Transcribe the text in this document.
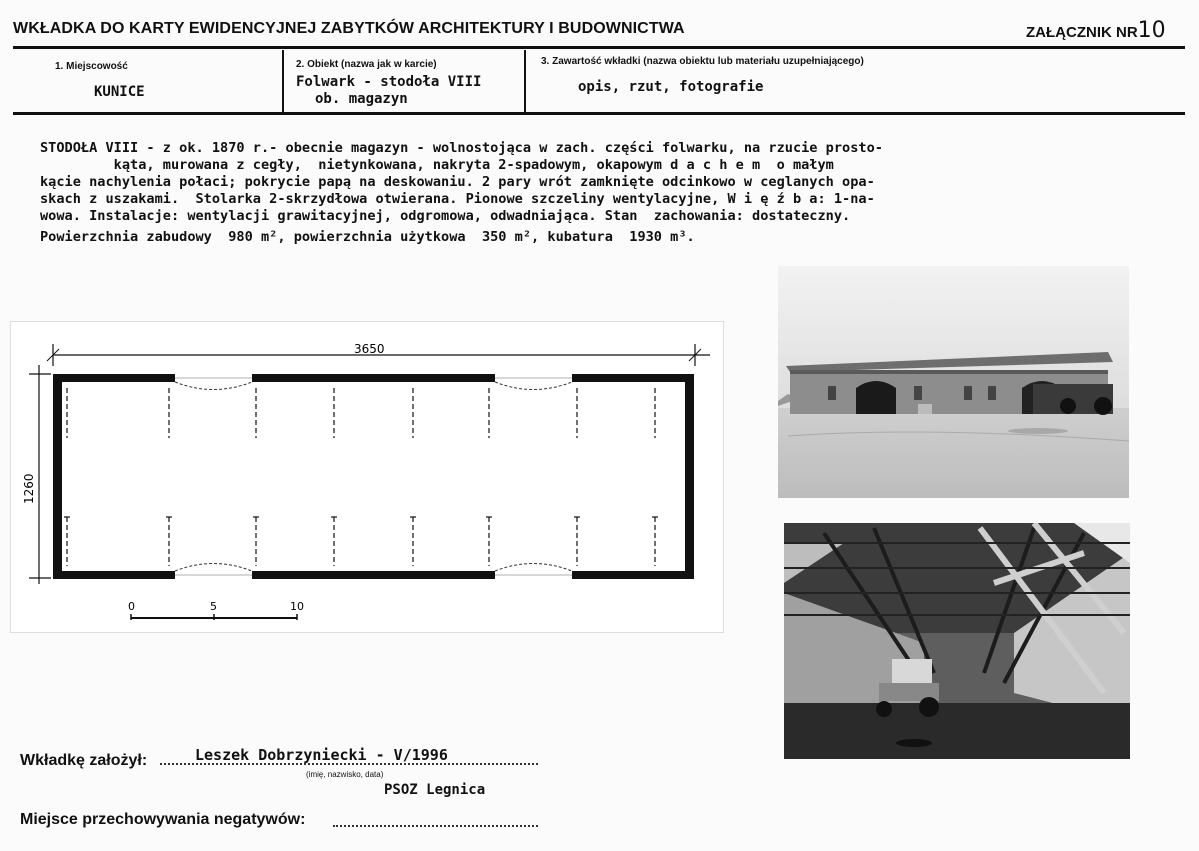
WKŁADKA DO KARTY EWIDENCYJNEJ ZABYTKÓW ARCHITEKTURY I BUDOWNICTWA	ZAŁĄCZNIK NR10
1. Miejscowość
KUNICE
2. Obiekt (nazwa jak w karcie)
Folwark - stodoła VIII
ob. magazyn
3. Zawartość wkładki (nazwa obiektu lub materiału uzupełniającego)
opis, rzut, fotografie
STODOŁA VIII - z ok. 1870 r.- obecnie magazyn - wolnostojąca w zach. części folwarku, na rzucie prosto-
kąta, murowana z cegły,  nietynkowana, nakryta 2-spadowym, okapowym d a c h e m  o małym
kącie nachylenia połaci; pokrycie papą na deskowaniu. 2 pary wrót zamknięte odcinkowo w ceglanych opa-
skach z uszakami.  Stolarka 2-skrzydłowa otwierana. Pionowe szczeliny wentylacyjne, W i ę ź b a: 1-na-
wowa. Instalacje: wentylacji grawitacyjnej, odgromowa, odwadniająca. Stan  zachowania: dostateczny.
Powierzchnia zabudowy  980 m², powierzchnia użytkowa  350 m², kubatura  1930 m³.
3650
1260
0	5	10
Wkładkę założył:	Leszek Dobrzyniecki - V/1996
(imię, nazwisko, data)
PSOZ Legnica
Miejsce przechowywania negatywów:
